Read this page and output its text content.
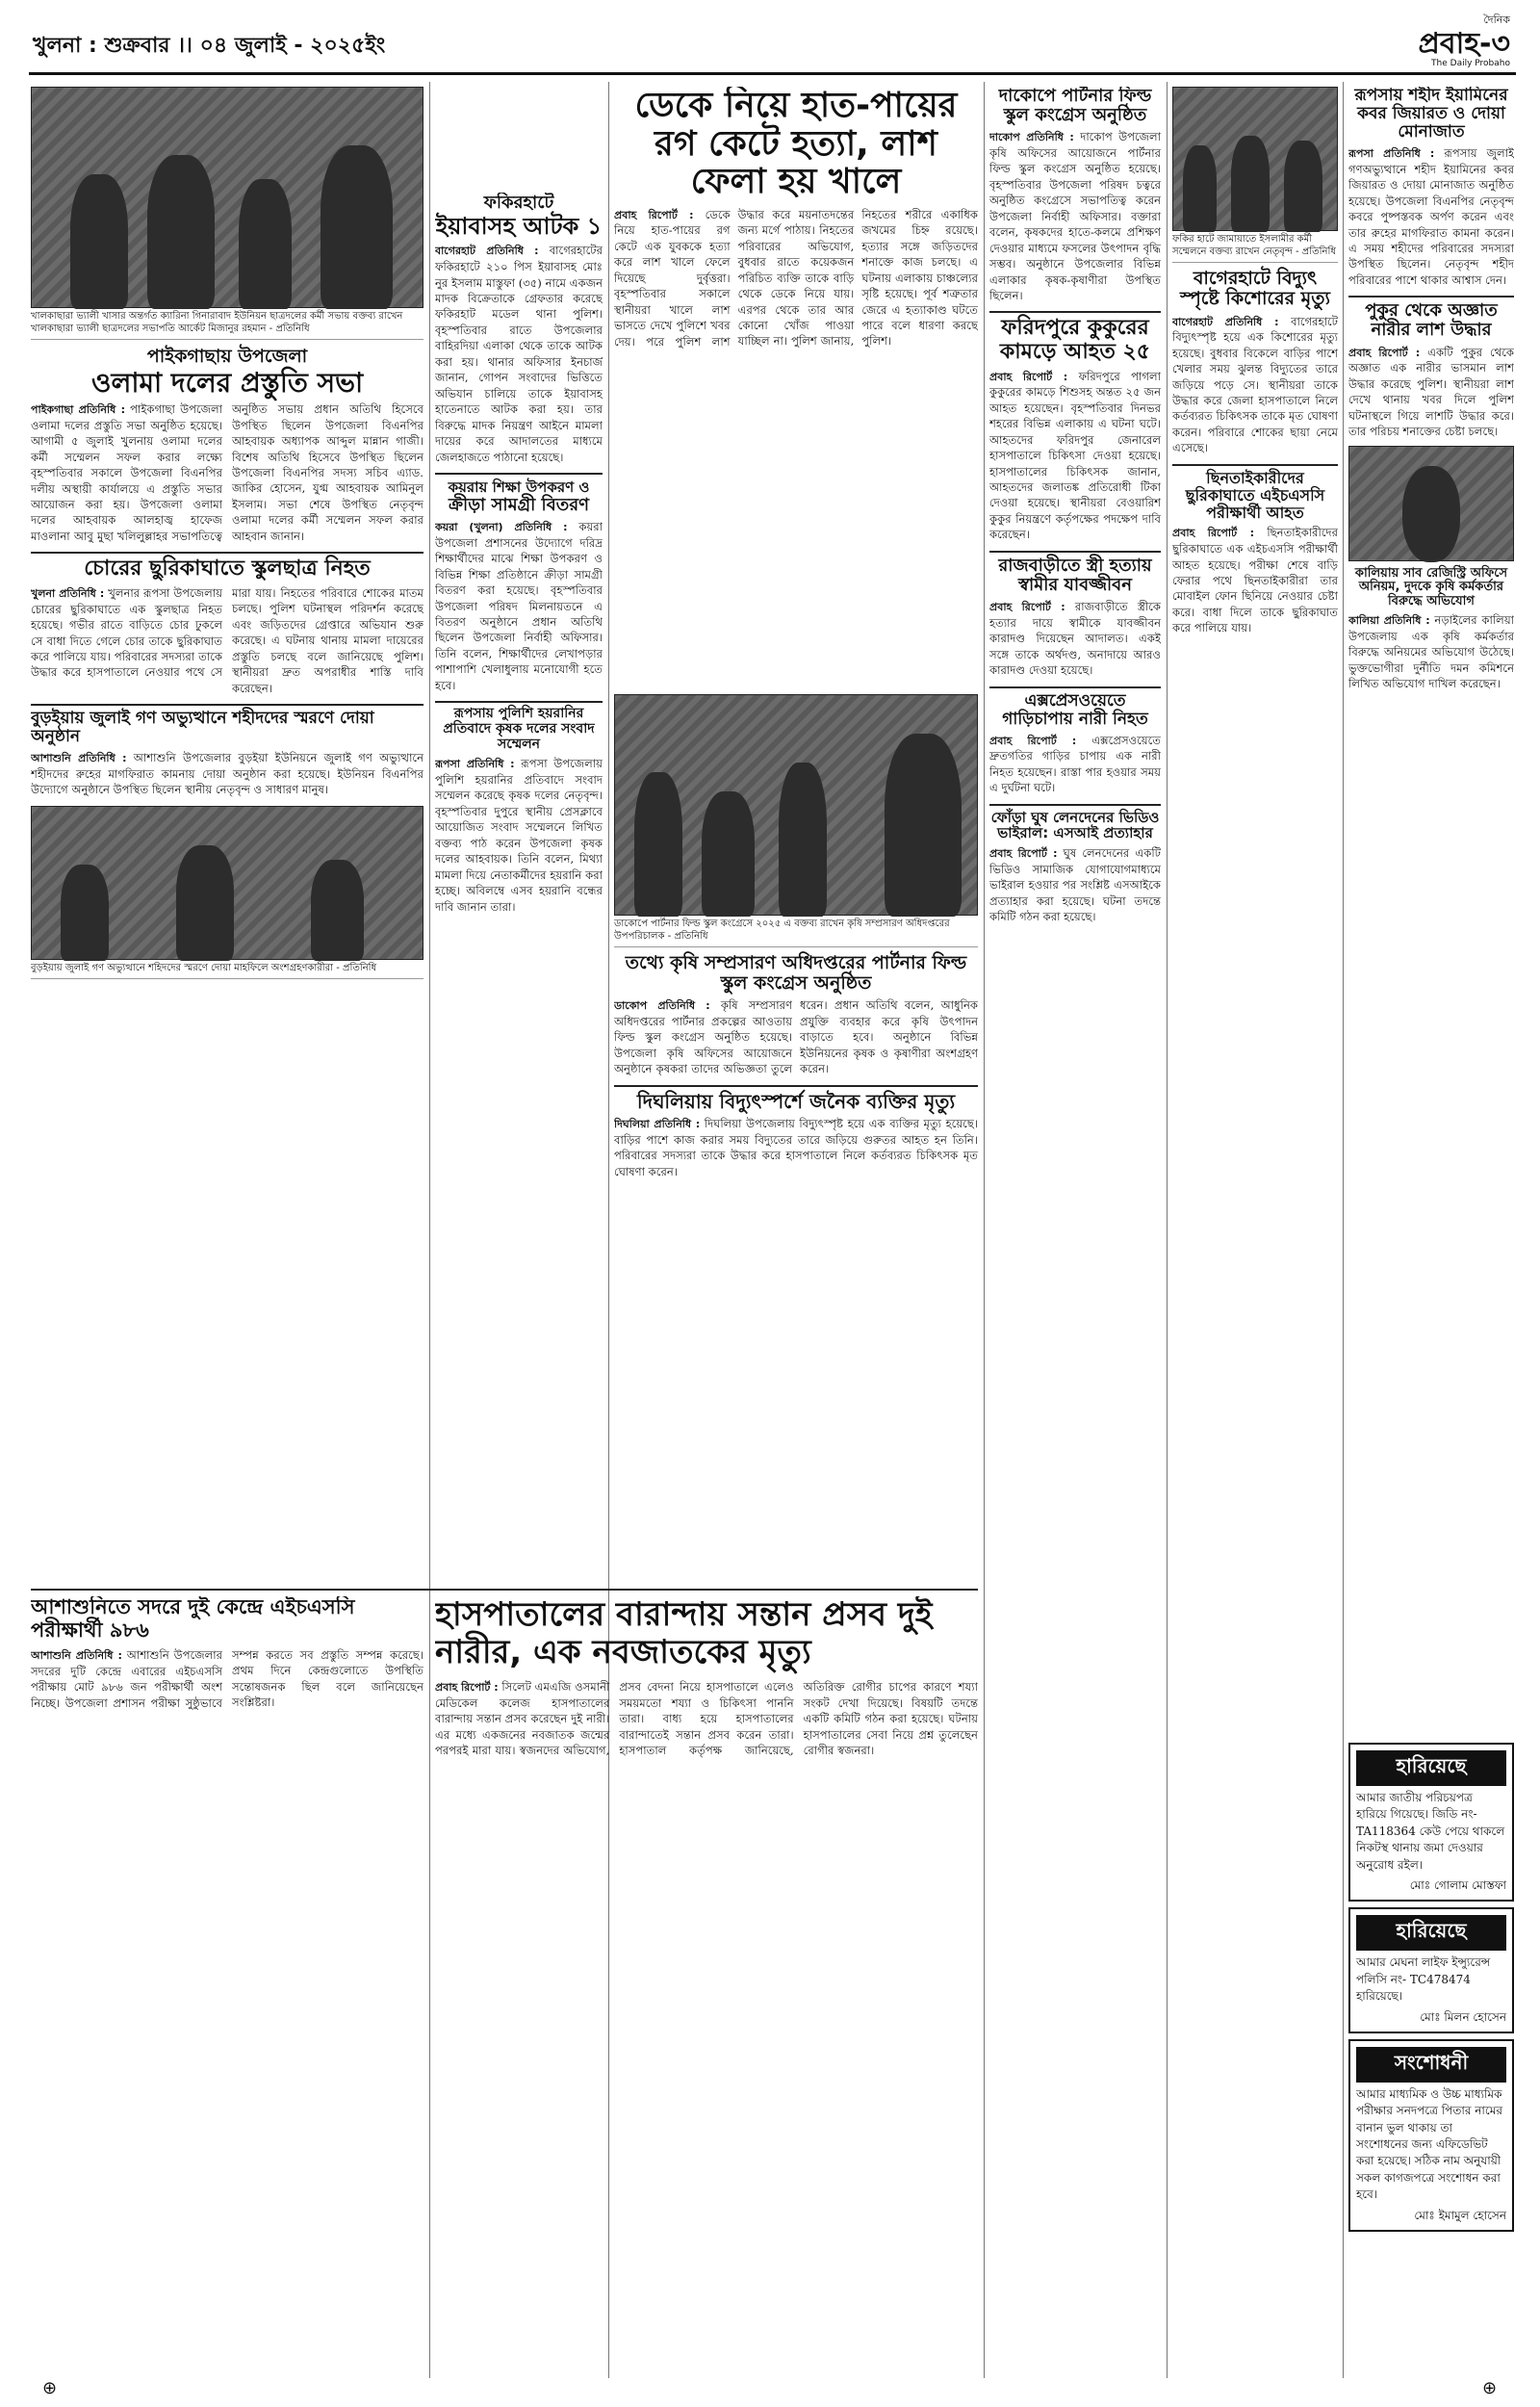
খুলনা : শুক্রবার ।। ০৪ জুলাই - ২০২৫ইং
দৈনিক
প্রবাহ-৩
The Daily Probaho
খালকাছারা ভ্যালী খাসার অন্তর্গত ক্যারিনা গিনারাবাদ ইউনিয়ন ছাত্রদলের কর্মী সভায় বক্তব্য রাখেন খালকাছারা ভ্যালী ছাত্রদলের সভাপতি আর্কেট মিজানুর রহমান - প্রতিনিধি
পাইকগাছায় উপজেলা
ওলামা দলের প্রস্তুতি সভা
পাইকগাছা প্রতিনিধি : পাইকগাছা উপজেলা ওলামা দলের প্রস্তুতি সভা অনুষ্ঠিত হয়েছে। আগামী ৫ জুলাই খুলনায় ওলামা দলের কর্মী সম্মেলন সফল করার লক্ষ্যে বৃহস্পতিবার সকালে উপজেলা বিএনপির দলীয় অস্থায়ী কার্যালয়ে এ প্রস্তুতি সভার আয়োজন করা হয়। উপজেলা ওলামা দলের আহবায়ক আলহাজ্ব হাফেজ মাওলানা আবু মুছা খলিলুল্লাহর সভাপতিত্বে অনুষ্ঠিত সভায় প্রধান অতিথি হিসেবে উপস্থিত ছিলেন উপজেলা বিএনপির আহবায়ক অধ্যাপক আব্দুল মান্নান গাজী। বিশেষ অতিথি হিসেবে উপস্থিত ছিলেন উপজেলা বিএনপির সদস্য সচিব এ্যাড. জাকির হোসেন, যুগ্ম আহবায়ক আমিনুল ইসলাম। সভা শেষে উপস্থিত নেতৃবৃন্দ ওলামা দলের কর্মী সম্মেলন সফল করার আহবান জানান।
চোরের ছুরিকাঘাতে স্কুলছাত্র নিহত
খুলনা প্রতিনিধি : খুলনার রূপসা উপজেলায় চোরের ছুরিকাঘাতে এক স্কুলছাত্র নিহত হয়েছে। গভীর রাতে বাড়িতে চোর ঢুকলে সে বাধা দিতে গেলে চোর তাকে ছুরিকাঘাত করে পালিয়ে যায়। পরিবারের সদস্যরা তাকে উদ্ধার করে হাসপাতালে নেওয়ার পথে সে মারা যায়। নিহতের পরিবারে শোকের মাতম চলছে। পুলিশ ঘটনাস্থল পরিদর্শন করেছে এবং জড়িতদের গ্রেপ্তারে অভিযান শুরু করেছে। এ ঘটনায় থানায় মামলা দায়েরের প্রস্তুতি চলছে বলে জানিয়েছে পুলিশ। স্থানীয়রা দ্রুত অপরাধীর শাস্তি দাবি করেছেন।
বুড়ইয়ায় জুলাই গণ অভ্যুত্থানে শহীদদের স্মরণে দোয়া অনুষ্ঠান
আশাশুনি প্রতিনিধি : আশাশুনি উপজেলার বুড়ইয়া ইউনিয়নে জুলাই গণ অভ্যুত্থানে শহীদদের রুহের মাগফিরাত কামনায় দোয়া অনুষ্ঠান করা হয়েছে। ইউনিয়ন বিএনপির উদ্যোগে অনুষ্ঠানে উপস্থিত ছিলেন স্থানীয় নেতৃবৃন্দ ও সাধারণ মানুষ।
বুড়ইয়ায় জুলাই গণ অভ্যুত্থানে শহিদদের স্মরণে দোয়া মাহফিলে অংশগ্রহণকারীরা - প্রতিনিধি
ফকিরহাটে
ইয়াবাসহ আটক ১
বাগেরহাট প্রতিনিধি : বাগেরহাটের ফকিরহাটে ২১০ পিস ইয়াবাসহ মোঃ নুর ইসলাম মাস্তুফা (৩৫) নামে একজন মাদক বিক্রেতাকে গ্রেফতার করেছে ফকিরহাট মডেল থানা পুলিশ। বৃহস্পতিবার রাতে উপজেলার বাহিরদিয়া এলাকা থেকে তাকে আটক করা হয়। থানার অফিসার ইনচার্জ জানান, গোপন সংবাদের ভিত্তিতে অভিযান চালিয়ে তাকে ইয়াবাসহ হাতেনাতে আটক করা হয়। তার বিরুদ্ধে মাদক নিয়ন্ত্রণ আইনে মামলা দায়ের করে আদালতের মাধ্যমে জেলহাজতে পাঠানো হয়েছে।
কয়রায় শিক্ষা উপকরণ ও
ক্রীড়া সামগ্রী বিতরণ
কয়রা (খুলনা) প্রতিনিধি : কয়রা উপজেলা প্রশাসনের উদ্যোগে দরিদ্র শিক্ষার্থীদের মাঝে শিক্ষা উপকরণ ও বিভিন্ন শিক্ষা প্রতিষ্ঠানে ক্রীড়া সামগ্রী বিতরণ করা হয়েছে। বৃহস্পতিবার উপজেলা পরিষদ মিলনায়তনে এ বিতরণ অনুষ্ঠানে প্রধান অতিথি ছিলেন উপজেলা নির্বাহী অফিসার। তিনি বলেন, শিক্ষার্থীদের লেখাপড়ার পাশাপাশি খেলাধুলায় মনোযোগী হতে হবে।
রূপসায় পুলিশি হয়রানির প্রতিবাদে কৃষক দলের সংবাদ সম্মেলন
রূপসা প্রতিনিধি : রূপসা উপজেলায় পুলিশি হয়রানির প্রতিবাদে সংবাদ সম্মেলন করেছে কৃষক দলের নেতৃবৃন্দ। বৃহস্পতিবার দুপুরে স্থানীয় প্রেসক্লাবে আয়োজিত সংবাদ সম্মেলনে লিখিত বক্তব্য পাঠ করেন উপজেলা কৃষক দলের আহবায়ক। তিনি বলেন, মিথ্যা মামলা দিয়ে নেতাকর্মীদের হয়রানি করা হচ্ছে। অবিলম্বে এসব হয়রানি বন্ধের দাবি জানান তারা।
ডেকে নিয়ে হাত-পায়ের রগ কেটে হত্যা, লাশ ফেলা হয় খালে
প্রবাহ রিপোর্ট : ডেকে নিয়ে হাত-পায়ের রগ কেটে এক যুবককে হত্যা করে লাশ খালে ফেলে দিয়েছে দুর্বৃত্তরা। বৃহস্পতিবার সকালে স্থানীয়রা খালে লাশ ভাসতে দেখে পুলিশে খবর দেয়। পরে পুলিশ লাশ উদ্ধার করে ময়নাতদন্তের জন্য মর্গে পাঠায়। নিহতের পরিবারের অভিযোগ, বুধবার রাতে কয়েকজন পরিচিত ব্যক্তি তাকে বাড়ি থেকে ডেকে নিয়ে যায়। এরপর থেকে তার আর কোনো খোঁজ পাওয়া যাচ্ছিল না। পুলিশ জানায়, নিহতের শরীরে একাধিক জখমের চিহ্ন রয়েছে। হত্যার সঙ্গে জড়িতদের শনাক্তে কাজ চলছে। এ ঘটনায় এলাকায় চাঞ্চল্যের সৃষ্টি হয়েছে। পূর্ব শত্রুতার জেরে এ হত্যাকাণ্ড ঘটতে পারে বলে ধারণা করছে পুলিশ।
ডাকোপে পার্টনার ফিল্ড স্কুল কংগ্রেসে ২০২৫ এ বক্তব্য রাখেন কৃষি সম্প্রসারণ অধিদপ্তরের উপপরিচালক - প্রতিনিধি
তথ্যে কৃষি সম্প্রসারণ অধিদপ্তরের পার্টনার ফিল্ড স্কুল কংগ্রেস অনুষ্ঠিত
ডাকোপ প্রতিনিধি : কৃষি সম্প্রসারণ অধিদপ্তরের পার্টনার প্রকল্পের আওতায় ফিল্ড স্কুল কংগ্রেস অনুষ্ঠিত হয়েছে। উপজেলা কৃষি অফিসের আয়োজনে অনুষ্ঠানে কৃষকরা তাদের অভিজ্ঞতা তুলে ধরেন। প্রধান অতিথি বলেন, আধুনিক প্রযুক্তি ব্যবহার করে কৃষি উৎপাদন বাড়াতে হবে। অনুষ্ঠানে বিভিন্ন ইউনিয়নের কৃষক ও কৃষাণীরা অংশগ্রহণ করেন।
দিঘলিয়ায় বিদ্যুৎস্পর্শে জনৈক ব্যক্তির মৃত্যু
দিঘলিয়া প্রতিনিধি : দিঘলিয়া উপজেলায় বিদ্যুৎস্পৃষ্ট হয়ে এক ব্যক্তির মৃত্যু হয়েছে। বাড়ির পাশে কাজ করার সময় বিদ্যুতের তারে জড়িয়ে গুরুতর আহত হন তিনি। পরিবারের সদস্যরা তাকে উদ্ধার করে হাসপাতালে নিলে কর্তব্যরত চিকিৎসক মৃত ঘোষণা করেন।
দাকোপে পার্টনার ফিল্ড স্কুল কংগ্রেস অনুষ্ঠিত
দাকোপ প্রতিনিধি : দাকোপ উপজেলা কৃষি অফিসের আয়োজনে পার্টনার ফিল্ড স্কুল কংগ্রেস অনুষ্ঠিত হয়েছে। বৃহস্পতিবার উপজেলা পরিষদ চত্বরে অনুষ্ঠিত কংগ্রেসে সভাপতিত্ব করেন উপজেলা নির্বাহী অফিসার। বক্তারা বলেন, কৃষকদের হাতে-কলমে প্রশিক্ষণ দেওয়ার মাধ্যমে ফসলের উৎপাদন বৃদ্ধি সম্ভব। অনুষ্ঠানে উপজেলার বিভিন্ন এলাকার কৃষক-কৃষাণীরা উপস্থিত ছিলেন।
ফরিদপুরে কুকুরের কামড়ে আহত ২৫
প্রবাহ রিপোর্ট : ফরিদপুরে পাগলা কুকুরের কামড়ে শিশুসহ অন্তত ২৫ জন আহত হয়েছেন। বৃহস্পতিবার দিনভর শহরের বিভিন্ন এলাকায় এ ঘটনা ঘটে। আহতদের ফরিদপুর জেনারেল হাসপাতালে চিকিৎসা দেওয়া হয়েছে। হাসপাতালের চিকিৎসক জানান, আহতদের জলাতঙ্ক প্রতিরোধী টিকা দেওয়া হয়েছে। স্থানীয়রা বেওয়ারিশ কুকুর নিয়ন্ত্রণে কর্তৃপক্ষের পদক্ষেপ দাবি করেছেন।
রাজবাড়ীতে স্ত্রী হত্যায় স্বামীর যাবজ্জীবন
প্রবাহ রিপোর্ট : রাজবাড়ীতে স্ত্রীকে হত্যার দায়ে স্বামীকে যাবজ্জীবন কারাদণ্ড দিয়েছেন আদালত। একই সঙ্গে তাকে অর্থদণ্ড, অনাদায়ে আরও কারাদণ্ড দেওয়া হয়েছে।
এক্সপ্রেসওয়েতে গাড়িচাপায় নারী নিহত
প্রবাহ রিপোর্ট : এক্সপ্রেসওয়েতে দ্রুতগতির গাড়ির চাপায় এক নারী নিহত হয়েছেন। রাস্তা পার হওয়ার সময় এ দুর্ঘটনা ঘটে।
ফোঁড়া ঘুষ লেনদেনের ভিডিও ভাইরাল: এসআই প্রত্যাহার
প্রবাহ রিপোর্ট : ঘুষ লেনদেনের একটি ভিডিও সামাজিক যোগাযোগমাধ্যমে ভাইরাল হওয়ার পর সংশ্লিষ্ট এসআইকে প্রত্যাহার করা হয়েছে। ঘটনা তদন্তে কমিটি গঠন করা হয়েছে।
ফকির হাটে জামায়াতে ইসলামীর কর্মী সম্মেলনে বক্তব্য রাখেন নেতৃবৃন্দ - প্রতিনিধি
বাগেরহাটে বিদ্যুৎ স্পৃষ্টে কিশোরের মৃত্যু
বাগেরহাট প্রতিনিধি : বাগেরহাটে বিদ্যুৎস্পৃষ্ট হয়ে এক কিশোরের মৃত্যু হয়েছে। বুধবার বিকেলে বাড়ির পাশে খেলার সময় ঝুলন্ত বিদ্যুতের তারে জড়িয়ে পড়ে সে। স্থানীয়রা তাকে উদ্ধার করে জেলা হাসপাতালে নিলে কর্তব্যরত চিকিৎসক তাকে মৃত ঘোষণা করেন। পরিবারে শোকের ছায়া নেমে এসেছে।
ছিনতাইকারীদের ছুরিকাঘাতে এইচএসসি পরীক্ষার্থী আহত
প্রবাহ রিপোর্ট : ছিনতাইকারীদের ছুরিকাঘাতে এক এইচএসসি পরীক্ষার্থী আহত হয়েছে। পরীক্ষা শেষে বাড়ি ফেরার পথে ছিনতাইকারীরা তার মোবাইল ফোন ছিনিয়ে নেওয়ার চেষ্টা করে। বাধা দিলে তাকে ছুরিকাঘাত করে পালিয়ে যায়।
রূপসায় শহীদ ইয়ামিনের কবর জিয়ারত ও দোয়া মোনাজাত
রূপসা প্রতিনিধি : রূপসায় জুলাই গণঅভ্যুত্থানে শহীদ ইয়ামিনের কবর জিয়ারত ও দোয়া মোনাজাত অনুষ্ঠিত হয়েছে। উপজেলা বিএনপির নেতৃবৃন্দ কবরে পুষ্পস্তবক অর্পণ করেন এবং তার রুহের মাগফিরাত কামনা করেন। এ সময় শহীদের পরিবারের সদস্যরা উপস্থিত ছিলেন। নেতৃবৃন্দ শহীদ পরিবারের পাশে থাকার আশ্বাস দেন।
পুকুর থেকে অজ্ঞাত নারীর লাশ উদ্ধার
প্রবাহ রিপোর্ট : একটি পুকুর থেকে অজ্ঞাত এক নারীর ভাসমান লাশ উদ্ধার করেছে পুলিশ। স্থানীয়রা লাশ দেখে থানায় খবর দিলে পুলিশ ঘটনাস্থলে গিয়ে লাশটি উদ্ধার করে। তার পরিচয় শনাক্তের চেষ্টা চলছে।
কালিয়ায় সাব রেজিস্ট্রি অফিসে অনিয়ম, দুদকে কৃষি কর্মকর্তার বিরুদ্ধে অভিযোগ
কালিয়া প্রতিনিধি : নড়াইলের কালিয়া উপজেলায় এক কৃষি কর্মকর্তার বিরুদ্ধে অনিয়মের অভিযোগ উঠেছে। ভুক্তভোগীরা দুর্নীতি দমন কমিশনে লিখিত অভিযোগ দাখিল করেছেন।
হারিয়েছে
আমার জাতীয় পরিচয়পত্র হারিয়ে গিয়েছে। জিডি নং- TA118364 কেউ পেয়ে থাকলে নিকটস্থ থানায় জমা দেওয়ার অনুরোধ রইল।
মোঃ গোলাম মোস্তফা
হারিয়েছে
আমার মেঘনা লাইফ ইন্স্যুরেন্স পলিসি নং- TC478474 হারিয়েছে।
মোঃ মিলন হোসেন
সংশোধনী
আমার মাধ্যমিক ও উচ্চ মাধ্যমিক পরীক্ষার সনদপত্রে পিতার নামের বানান ভুল থাকায় তা সংশোধনের জন্য এফিডেভিট করা হয়েছে। সঠিক নাম অনুযায়ী সকল কাগজপত্রে সংশোধন করা হবে।
মোঃ ইমামুল হোসেন
আশাশুনিতে সদরে দুই কেন্দ্রে এইচএসসি পরীক্ষার্থী ৯৮৬
আশাশুনি প্রতিনিধি : আশাশুনি উপজেলার সদরের দুটি কেন্দ্রে এবারের এইচএসসি পরীক্ষায় মোট ৯৮৬ জন পরীক্ষার্থী অংশ নিচ্ছে। উপজেলা প্রশাসন পরীক্ষা সুষ্ঠুভাবে সম্পন্ন করতে সব প্রস্তুতি সম্পন্ন করেছে। প্রথম দিনে কেন্দ্রগুলোতে উপস্থিতি সন্তোষজনক ছিল বলে জানিয়েছেন সংশ্লিষ্টরা।
হাসপাতালের বারান্দায় সন্তান প্রসব দুই নারীর, এক নবজাতকের মৃত্যু
প্রবাহ রিপোর্ট : সিলেট এমএজি ওসমানী মেডিকেল কলেজ হাসপাতালের বারান্দায় সন্তান প্রসব করেছেন দুই নারী। এর মধ্যে একজনের নবজাতক জন্মের পরপরই মারা যায়। স্বজনদের অভিযোগ, প্রসব বেদনা নিয়ে হাসপাতালে এলেও সময়মতো শয্যা ও চিকিৎসা পাননি তারা। বাধ্য হয়ে হাসপাতালের বারান্দাতেই সন্তান প্রসব করেন তারা। হাসপাতাল কর্তৃপক্ষ জানিয়েছে, অতিরিক্ত রোগীর চাপের কারণে শয্যা সংকট দেখা দিয়েছে। বিষয়টি তদন্তে একটি কমিটি গঠন করা হয়েছে। ঘটনায় হাসপাতালের সেবা নিয়ে প্রশ্ন তুলেছেন রোগীর স্বজনরা।
⊕	⊕
